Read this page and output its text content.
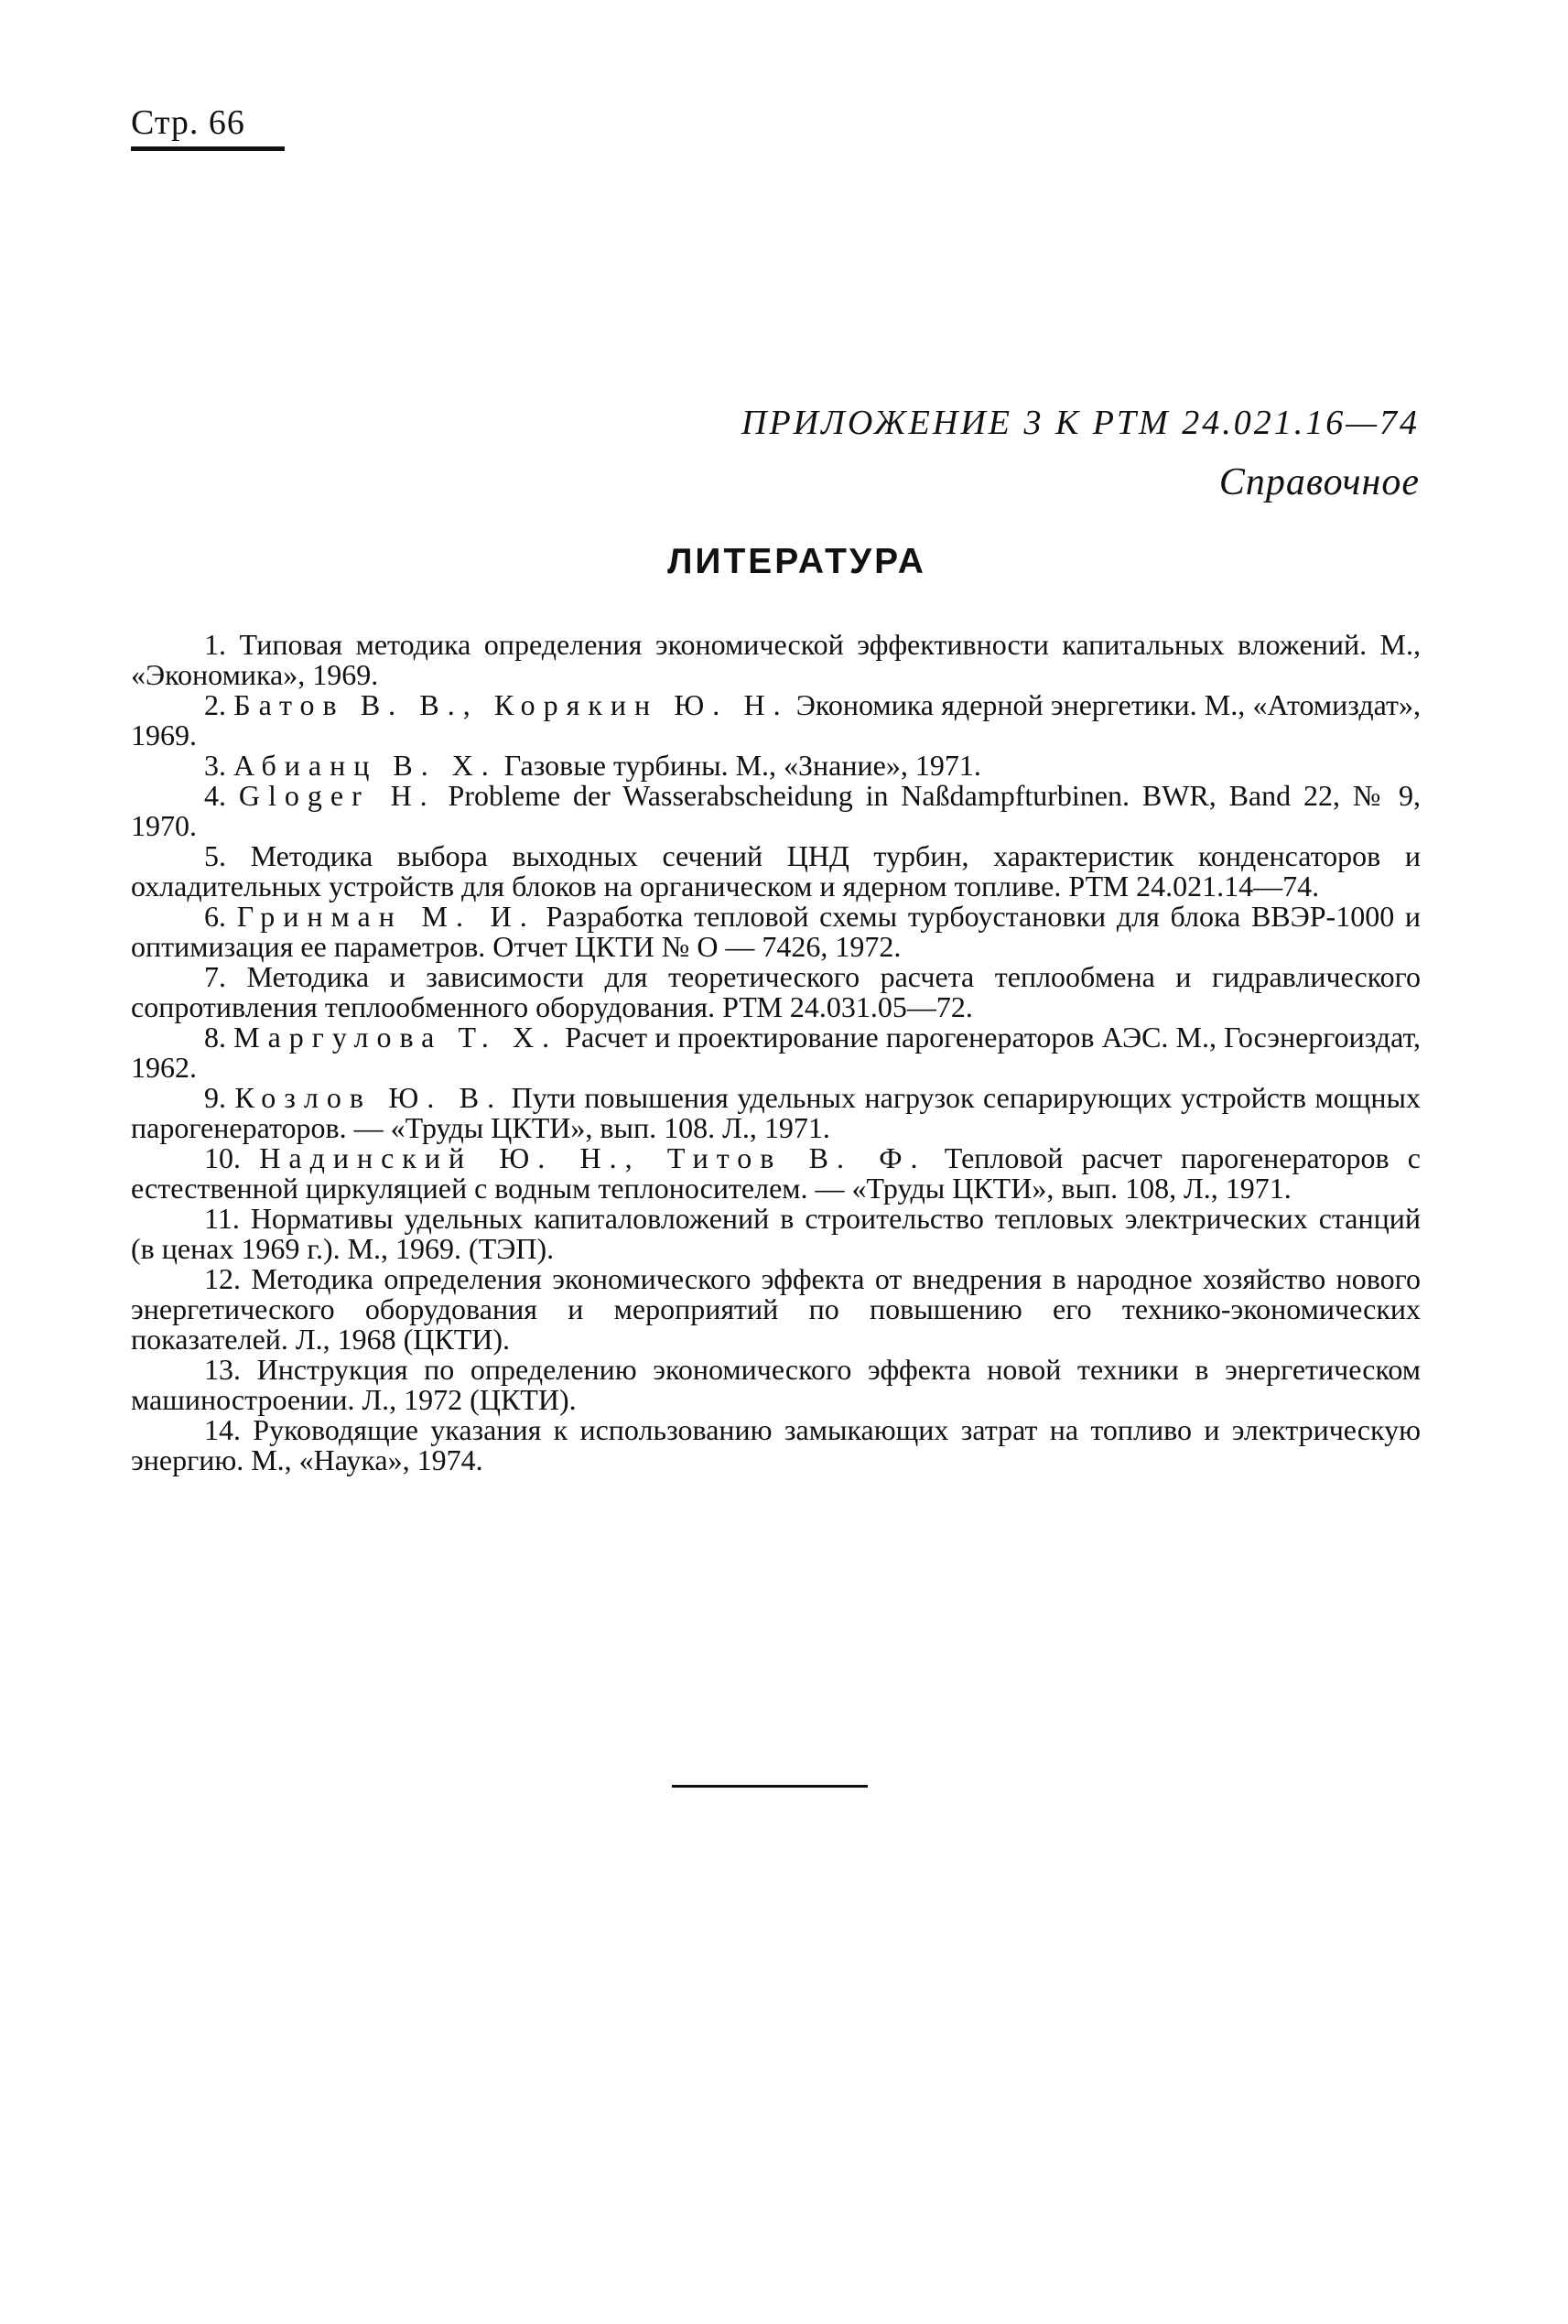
Стр. 66
ПРИЛОЖЕНИЕ 3 К РТМ 24.021.16—74
Справочное
ЛИТЕРАТУРА
1. Типовая методика определения экономической эффективности капитальных вложений. М., «Экономика», 1969.
2. Батов В. В., Корякин Ю. Н. Экономика ядерной энергетики. М., «Атомиздат», 1969.
3. Абианц В. Х. Газовые турбины. М., «Знание», 1971.
4. Gloger H. Probleme der Wasserabscheidung in Naßdampfturbinen. BWR, Band 22, № 9, 1970.
5. Методика выбора выходных сечений ЦНД турбин, характеристик конденсаторов и охладительных устройств для блоков на органическом и ядерном топливе. РТМ 24.021.14—74.
6. Гринман М. И. Разработка тепловой схемы турбоустановки для блока ВВЭР-1000 и оптимизация ее параметров. Отчет ЦКТИ № О — 7426, 1972.
7. Методика и зависимости для теоретического расчета теплообмена и гидравлического сопротивления теплообменного оборудования. РТМ 24.031.05—72.
8. Маргулова Т. Х. Расчет и проектирование парогенераторов АЭС. М., Госэнергоиздат, 1962.
9. Козлов Ю. В. Пути повышения удельных нагрузок сепарирующих устройств мощных парогенераторов. — «Труды ЦКТИ», вып. 108. Л., 1971.
10. Надинский Ю. Н., Титов В. Ф. Тепловой расчет парогенераторов с естественной циркуляцией с водным теплоносителем. — «Труды ЦКТИ», вып. 108, Л., 1971.
11. Нормативы удельных капиталовложений в строительство тепловых электрических станций (в ценах 1969 г.). М., 1969. (ТЭП).
12. Методика определения экономического эффекта от внедрения в народное хозяйство нового энергетического оборудования и мероприятий по повышению его технико-экономических показателей. Л., 1968 (ЦКТИ).
13. Инструкция по определению экономического эффекта новой техники в энергетическом машиностроении. Л., 1972 (ЦКТИ).
14. Руководящие указания к использованию замыкающих затрат на топливо и электрическую энергию. М., «Наука», 1974.
